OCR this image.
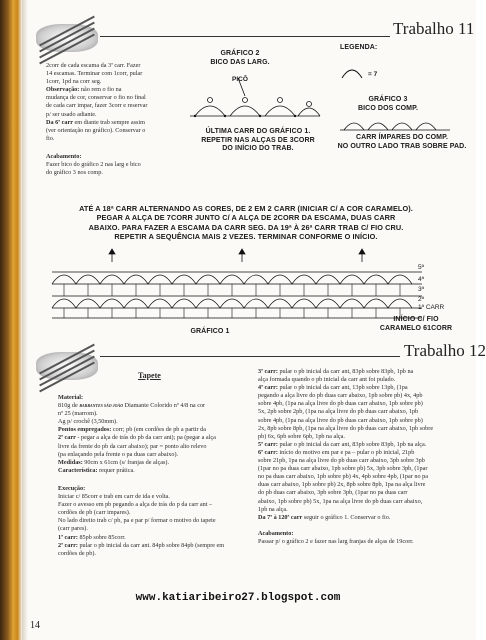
Trabalho 11
2corr de cada escama da 3ª carr. Fazer
14 escamas. Terminar com 1corr, pular
1corr, 1pd na corr seg.
Observação: não rem o fio na
mudança de cor, conservar o fio no final
de cada carr impar, fazer 3corr e reservar
p/ ser usado adiante.
Da 6ª carr em diante trab sempre assim
(ver orientação no gráfico). Conservar o
fio.
Acabamento:
Fazer bico do gráfico 2 nas larg e bico
do gráfico 3 nos comp.
GRÁFICO 2
BICO DAS LARG.
PICÔ
ÚLTIMA CARR DO GRÁFICO 1.
REPETIR NAS ALÇAS DE 3CORR
DO INÍCIO DO TRAB.
LEGENDA:
= 7
GRÁFICO 3
BICO DOS COMP.
CARR ÍMPARES DO COMP.
NO OUTRO LADO TRAB SOBRE PAD.
ATÉ A 18ª CARR ALTERNANDO AS CORES, DE 2 EM 2 CARR (INICIAR C/ A COR CARAMELO).
PEGAR A ALÇA DE 7CORR JUNTO C/ A ALÇA DE 2CORR DA ESCAMA, DUAS CARR
ABAIXO. PARA FAZER A ESCAMA DA CARR SEG. DA 19ª À 26ª CARR TRAB C/ FIO CRU.
REPETIR A SEQUÊNCIA MAIS 2 VEZES. TERMINAR CONFORME O INÍCIO.
5ª
4ª
3ª
2ª
1ª CARR
INÍCIO C/ FIO
CARAMELO 61CORR
GRÁFICO 1
Trabalho 12
Tapete
Material:
810g de BARBANTES SÃO JOÃO Diamante Colorido nº 4/8 na cor
nº 25 (marrom).
Ag p/ crochê (3,50mm).
Pontos empregados: corr; pb (em cordões de pb a partir da
2ª carr - pegar a alça de trás do pb da carr ant); pa (pegar a alça
livre da frente do pb da carr abaixo); par = ponto alto relevo
(pa enlaçando pela frente o pa duas carr abaixo).
Medidas: 90cm x 61cm (s/ franjas de alças).
Característica: requer prática.
Execução:
Iniciar c/ 85corr e trab em carr de ida e volta.
Fazer o avesso em pb pegando a alça de trás do p da carr ant –
cordões de pb (carr impares).
No lado direito trab c/ pb, pa e par p/ formar o motivo do tapete
(carr pares).
1ª carr: 85pb sobre 85corr.
2ª carr: pular o pb inicial da carr ant. 84pb sobre 84pb (sempre em
cordões de pb).
3ª carr: pular o pb inicial da carr ant, 83pb sobre 83pb, 1pb na
alça formada quando o pb inicial da carr ant foi pulado.
4ª carr: pular o pb inicial da carr ant, 13pb sobre 13pb, (1pa
pegando a alça livre do pb duas carr abaixo, 1pb sobre pb) 4x, 4pb
sobre 4pb, (1pa na alça livre do pb duas carr abaixo, 1pb sobre pb)
5x, 2pb sobre 2pb, (1pa na alça livre do pb duas carr abaixo, 1pb
sobre 4pb, (1pa na alça livre do pb duas carr abaixo, 1pb sobre pb)
2x, 8pb sobre 8pb, (1pa na alça livre do pb duas carr abaixo, 1pb sobre
pb) 6x, 6pb sobre 6pb, 1pb na alça.
5ª carr: pular o pb inicial da carr ant, 83pb sobre 83pb, 1pb na alça.
6ª carr: início do motivo em par e pa – pular o pb inicial, 21pb
sobre 21pb, 1pa na alça livre do pb duas carr abaixo, 3pb sobre 3pb
(1par no pa duas carr abaixo, 1pb sobre pb) 5x, 3pb sobre 3pb, (1par
no pa duas carr abaixo, 1pb sobre pb) 4x, 4pb sobre 4pb, (1par no pa
duas carr abaixo, 1pb sobre pb) 2x, 8pb sobre 8pb, 1pa na alça livre
do pb duas carr abaixo, 3pb sobre 3pb, (1par no pa duas carr
abaixo, 1pb sobre pb) 5x, 1pa na alça livre do pb duas carr abaixo,
1pb na alça.
Da 7ª à 120ª carr seguir o gráfico 1. Conservar o fio.
Acabamento:
Passar p/ o gráfico 2 e fazer nas larg franjas de alças de 19corr.
www.katiaribeiro27.blogspot.com
14
